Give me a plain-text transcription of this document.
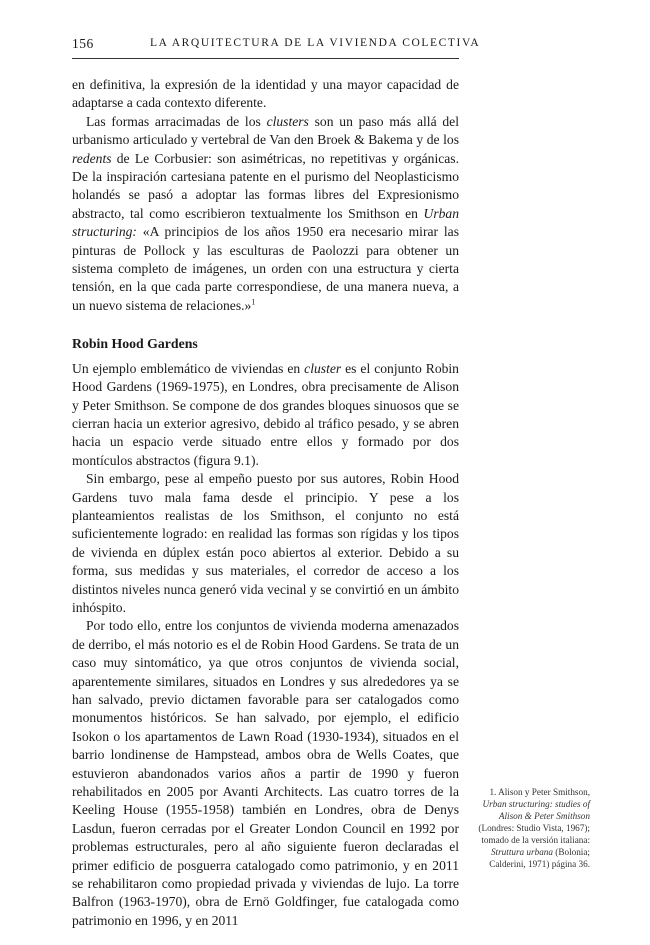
156	LA ARQUITECTURA DE LA VIVIENDA COLECTIVA

en definitiva, la expresión de la identidad y una mayor capacidad de adaptarse a cada contexto diferente.

Las formas arracimadas de los clusters son un paso más allá del urbanismo articulado y vertebral de Van den Broek & Bakema y de los redents de Le Corbusier: son asimétricas, no repetitivas y orgánicas. De la inspiración cartesiana patente en el purismo del Neoplasticismo holandés se pasó a adoptar las formas libres del Expresionismo abstracto, tal como escribieron textualmente los Smithson en Urban structuring: «A principios de los años 1950 era necesario mirar las pinturas de Pollock y las esculturas de Paolozzi para obtener un sistema completo de imágenes, un orden con una estructura y cierta tensión, en la que cada parte correspondiese, de una manera nueva, a un nuevo sistema de relaciones.»$^1$

Robin Hood Gardens

Un ejemplo emblemático de viviendas en cluster es el conjunto Robin Hood Gardens (1969-1975), en Londres, obra precisamente de Alison y Peter Smithson. Se compone de dos grandes bloques sinuosos que se cierran hacia un exterior agresivo, debido al tráfico pesado, y se abren hacia un espacio verde situado entre ellos y formado por dos montículos abstractos (figura 9.1).

Sin embargo, pese al empeño puesto por sus autores, Robin Hood Gardens tuvo mala fama desde el principio. Y pese a los planteamientos realistas de los Smithson, el conjunto no está suficientemente logrado: en realidad las formas son rígidas y los tipos de vivienda en dúplex están poco abiertos al exterior. Debido a su forma, sus medidas y sus materiales, el corredor de acceso a los distintos niveles nunca generó vida vecinal y se convirtió en un ámbito inhóspito.

Por todo ello, entre los conjuntos de vivienda moderna amenazados de derribo, el más notorio es el de Robin Hood Gardens. Se trata de un caso muy sintomático, ya que otros conjuntos de vivienda social, aparentemente similares, situados en Londres y sus alrededores ya se han salvado, previo dictamen favorable para ser catalogados como monumentos históricos. Se han salvado, por ejemplo, el edificio Isokon o los apartamentos de Lawn Road (1930-1934), situados en el barrio londinense de Hampstead, ambos obra de Wells Coates, que estuvieron abandonados varios años a partir de 1990 y fueron rehabilitados en 2005 por Avanti Architects. Las cuatro torres de la Keeling House (1955-1958) también en Londres, obra de Denys Lasdun, fueron cerradas por el Greater London Council en 1992 por problemas estructurales, pero al año siguiente fueron declaradas el primer edificio de posguerra catalogado como patrimonio, y en 2011 se rehabilitaron como propiedad privada y viviendas de lujo. La torre Balfron (1963-1970), obra de Ernö Goldfinger, fue catalogada como patrimonio en 1996, y en 2011

1. Alison y Peter Smithson, Urban structuring: studies of Alison & Peter Smithson (Londres: Studio Vista, 1967); tomado de la versión italiana: Struttura urbana (Bolonia; Calderini, 1971) página 36.
